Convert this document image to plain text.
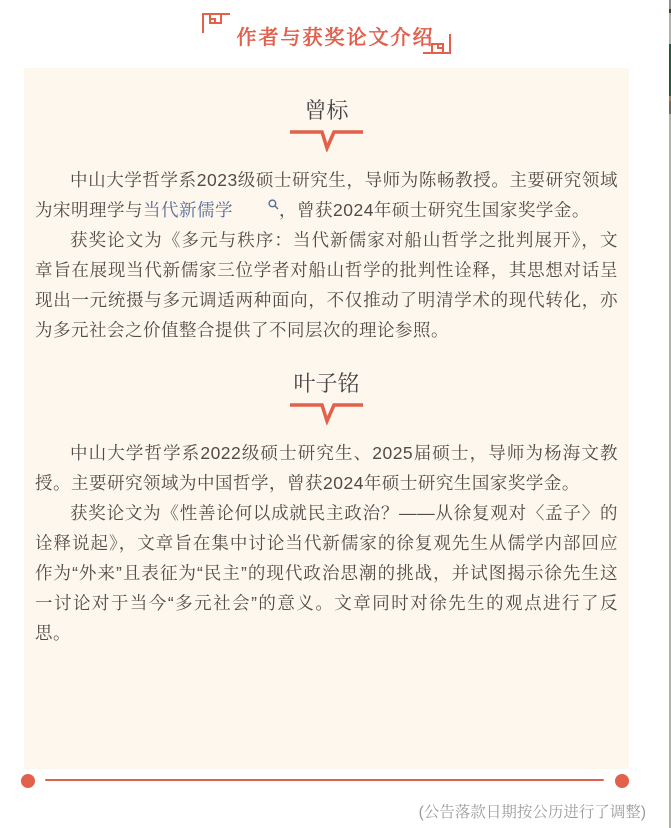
作者与获奖论文介绍
曾标

中山大学哲学系2023级硕士研究生，导师为陈畅教授。主要研究领域为宋明理学与当代新儒学	，曾获2024年硕士研究生国家奖学金。

获奖论文为《多元与秩序：当代新儒家对船山哲学之批判展开》，文章旨在展现当代新儒家三位学者对船山哲学的批判性诠释，其思想对话呈现出一元统摄与多元调适两种面向，不仅推动了明清学术的现代转化，亦为多元社会之价值整合提供了不同层次的理论参照。

叶子铭

中山大学哲学系2022级硕士研究生、2025届硕士，导师为杨海文教授。主要研究领域为中国哲学，曾获2024年硕士研究生国家奖学金。

获奖论文为《性善论何以成就民主政治？——从徐复观对〈孟子〉的诠释说起》，文章旨在集中讨论当代新儒家的徐复观先生从儒学内部回应作为“外来”且表征为“民主”的现代政治思潮的挑战，并试图揭示徐先生这一讨论对于当今“多元社会”的意义。文章同时对徐先生的观点进行了反思。

(公告落款日期按公历进行了调整)
